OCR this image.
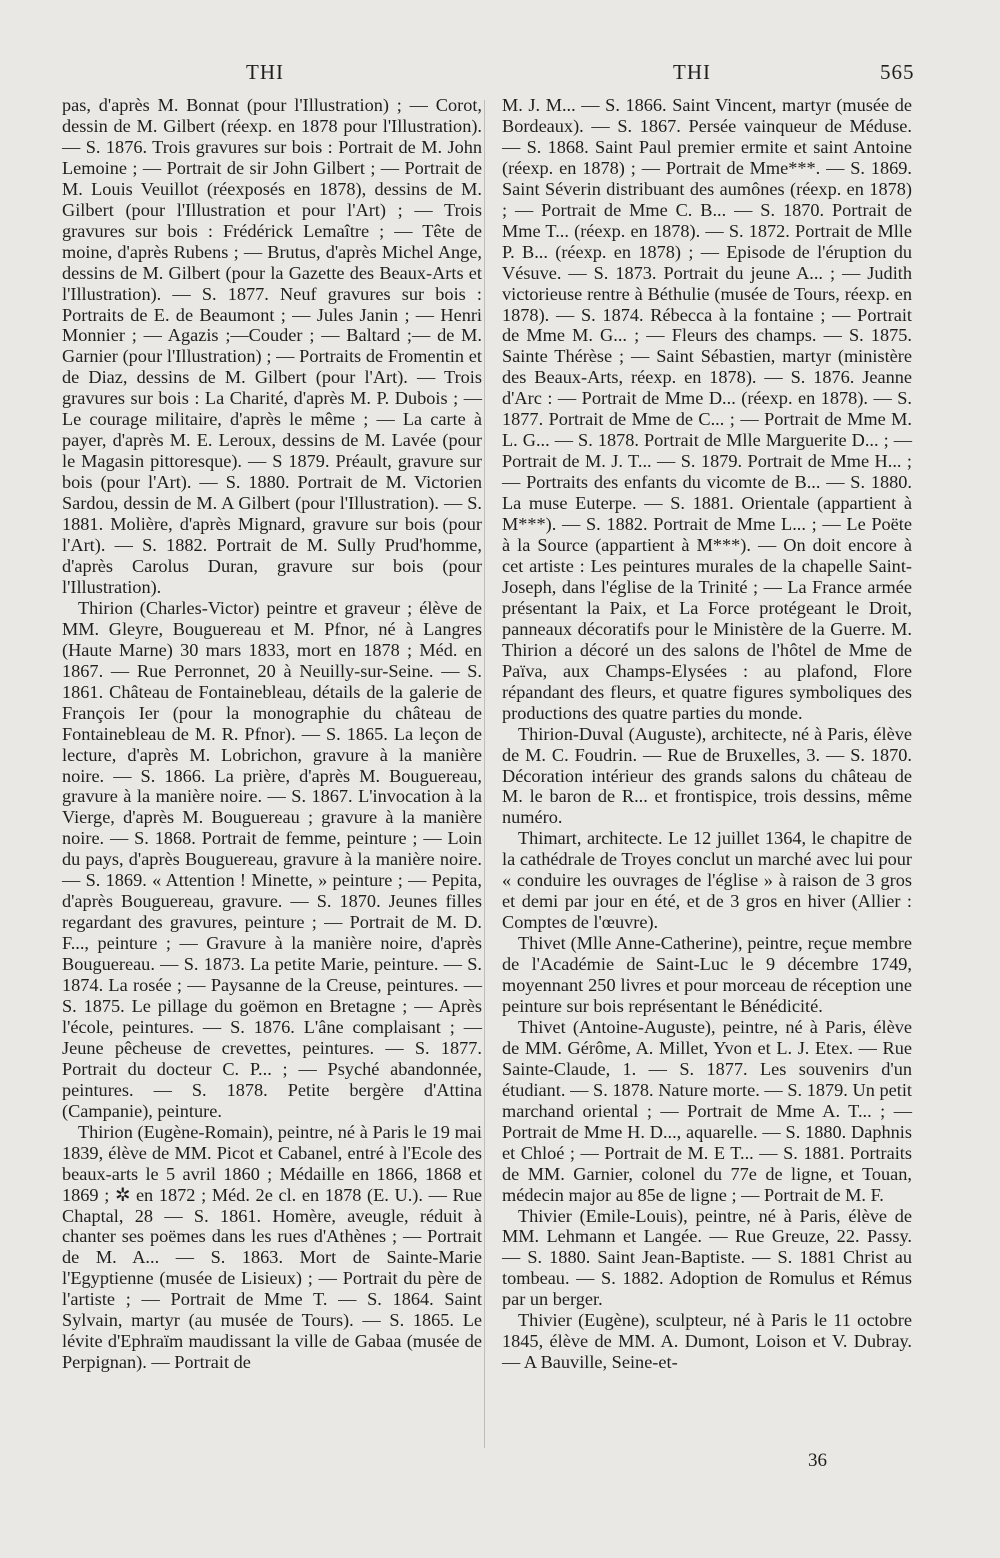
THI	THI	565

pas, d'après M. Bonnat (pour l'Illustration) ; — Corot, dessin de M. Gilbert (réexp. en 1878 pour l'Illustration). — S. 1876. Trois gravures sur bois : Portrait de M. John Lemoine ; — Portrait de sir John Gilbert ; — Portrait de M. Louis Veuillot (réexposés en 1878), dessins de M. Gilbert (pour l'Illustration et pour l'Art) ; — Trois gravures sur bois : Frédérick Lemaître ; — Tête de moine, d'après Rubens ; — Brutus, d'après Michel Ange, dessins de M. Gilbert (pour la Gazette des Beaux-Arts et l'Illustration). — S. 1877. Neuf gravures sur bois : Portraits de E. de Beaumont ; — Jules Janin ; — Henri Monnier ; — Agazis ;—Couder ; — Baltard ;— de M. Garnier (pour l'Illustration) ; — Portraits de Fromentin et de Diaz, dessins de M. Gilbert (pour l'Art). — Trois gravures sur bois : La Charité, d'après M. P. Dubois ; — Le courage militaire, d'après le même ; — La carte à payer, d'après M. E. Leroux, dessins de M. Lavée (pour le Magasin pittoresque). — S 1879. Préault, gravure sur bois (pour l'Art). — S. 1880. Portrait de M. Victorien Sardou, dessin de M. A Gilbert (pour l'Illustration). — S. 1881. Molière, d'après Mignard, gravure sur bois (pour l'Art). — S. 1882. Portrait de M. Sully Prud'homme, d'après Carolus Duran, gravure sur bois (pour l'Illustration).

Thirion (Charles-Victor) peintre et graveur ; élève de MM. Gleyre, Bouguereau et M. Pfnor, né à Langres (Haute Marne) 30 mars 1833, mort en 1878 ; Méd. en 1867. — Rue Perronnet, 20 à Neuilly-sur-Seine. — S. 1861. Château de Fontainebleau, détails de la galerie de François Ier (pour la monographie du château de Fontainebleau de M. R. Pfnor). — S. 1865. La leçon de lecture, d'après M. Lobrichon, gravure à la manière noire. — S. 1866. La prière, d'après M. Bouguereau, gravure à la manière noire. — S. 1867. L'invocation à la Vierge, d'après M. Bouguereau ; gravure à la manière noire. — S. 1868. Portrait de femme, peinture ; — Loin du pays, d'après Bouguereau, gravure à la manière noire. — S. 1869. « Attention ! Minette, » peinture ; — Pepita, d'après Bouguereau, gravure. — S. 1870. Jeunes filles regardant des gravures, peinture ; — Portrait de M. D. F..., peinture ; — Gravure à la manière noire, d'après Bouguereau. — S. 1873. La petite Marie, peinture. — S. 1874. La rosée ; — Paysanne de la Creuse, peintures. — S. 1875. Le pillage du goëmon en Bretagne ; — Après l'école, peintures. — S. 1876. L'âne complaisant ; — Jeune pêcheuse de crevettes, peintures. — S. 1877. Portrait du docteur C. P... ; — Psyché abandonnée, peintures. — S. 1878. Petite bergère d'Attina (Campanie), peinture.

Thirion (Eugène-Romain), peintre, né à Paris le 19 mai 1839, élève de MM. Picot et Cabanel, entré à l'Ecole des beaux-arts le 5 avril 1860 ; Médaille en 1866, 1868 et 1869 ; ✲ en 1872 ; Méd. 2e cl. en 1878 (E. U.). — Rue Chaptal, 28 — S. 1861. Homère, aveugle, réduit à chanter ses poëmes dans les rues d'Athènes ; — Portrait de M. A... — S. 1863. Mort de Sainte-Marie l'Egyptienne (musée de Lisieux) ; — Portrait du père de l'artiste ; — Portrait de Mme T. — S. 1864. Saint Sylvain, martyr (au musée de Tours). — S. 1865. Le lévite d'Ephraïm maudissant la ville de Gabaa (musée de Perpignan). — Portrait de

M. J. M... — S. 1866. Saint Vincent, martyr (musée de Bordeaux). — S. 1867. Persée vainqueur de Méduse. — S. 1868. Saint Paul premier ermite et saint Antoine (réexp. en 1878) ; — Portrait de Mme***. — S. 1869. Saint Séverin distribuant des aumônes (réexp. en 1878) ; — Portrait de Mme C. B... — S. 1870. Portrait de Mme T... (réexp. en 1878). — S. 1872. Portrait de Mlle P. B... (réexp. en 1878) ; — Episode de l'éruption du Vésuve. — S. 1873. Portrait du jeune A... ; — Judith victorieuse rentre à Béthulie (musée de Tours, réexp. en 1878). — S. 1874. Rébecca à la fontaine ; — Portrait de Mme M. G... ; — Fleurs des champs. — S. 1875. Sainte Thérèse ; — Saint Sébastien, martyr (ministère des Beaux-Arts, réexp. en 1878). — S. 1876. Jeanne d'Arc : — Portrait de Mme D... (réexp. en 1878). — S. 1877. Portrait de Mme de C... ; — Portrait de Mme M. L. G... — S. 1878. Portrait de Mlle Marguerite D... ; — Portrait de M. J. T... — S. 1879. Portrait de Mme H... ; — Portraits des enfants du vicomte de B... — S. 1880. La muse Euterpe. — S. 1881. Orientale (appartient à M***). — S. 1882. Portrait de Mme L... ; — Le Poëte à la Source (appartient à M***). — On doit encore à cet artiste : Les peintures murales de la chapelle Saint-Joseph, dans l'église de la Trinité ; — La France armée présentant la Paix, et La Force protégeant le Droit, panneaux décoratifs pour le Ministère de la Guerre. M. Thirion a décoré un des salons de l'hôtel de Mme de Païva, aux Champs-Elysées : au plafond, Flore répandant des fleurs, et quatre figures symboliques des productions des quatre parties du monde.

Thirion-Duval (Auguste), architecte, né à Paris, élève de M. C. Foudrin. — Rue de Bruxelles, 3. — S. 1870. Décoration intérieur des grands salons du château de M. le baron de R... et frontispice, trois dessins, même numéro.

Thimart, architecte. Le 12 juillet 1364, le chapitre de la cathédrale de Troyes conclut un marché avec lui pour « conduire les ouvrages de l'église » à raison de 3 gros et demi par jour en été, et de 3 gros en hiver (Allier : Comptes de l'œuvre).

Thivet (Mlle Anne-Catherine), peintre, reçue membre de l'Académie de Saint-Luc le 9 décembre 1749, moyennant 250 livres et pour morceau de réception une peinture sur bois représentant le Bénédicité.

Thivet (Antoine-Auguste), peintre, né à Paris, élève de MM. Gérôme, A. Millet, Yvon et L. J. Etex. — Rue Sainte-Claude, 1. — S. 1877. Les souvenirs d'un étudiant. — S. 1878. Nature morte. — S. 1879. Un petit marchand oriental ; — Portrait de Mme A. T... ; — Portrait de Mme H. D..., aquarelle. — S. 1880. Daphnis et Chloé ; — Portrait de M. E T... — S. 1881. Portraits de MM. Garnier, colonel du 77e de ligne, et Touan, médecin major au 85e de ligne ; — Portrait de M. F.

Thivier (Emile-Louis), peintre, né à Paris, élève de MM. Lehmann et Langée. — Rue Greuze, 22. Passy. — S. 1880. Saint Jean-Baptiste. — S. 1881 Christ au tombeau. — S. 1882. Adoption de Romulus et Rémus par un berger.

Thivier (Eugène), sculpteur, né à Paris le 11 octobre 1845, élève de MM. A. Dumont, Loison et V. Dubray. — A Bauville, Seine-et-

36
